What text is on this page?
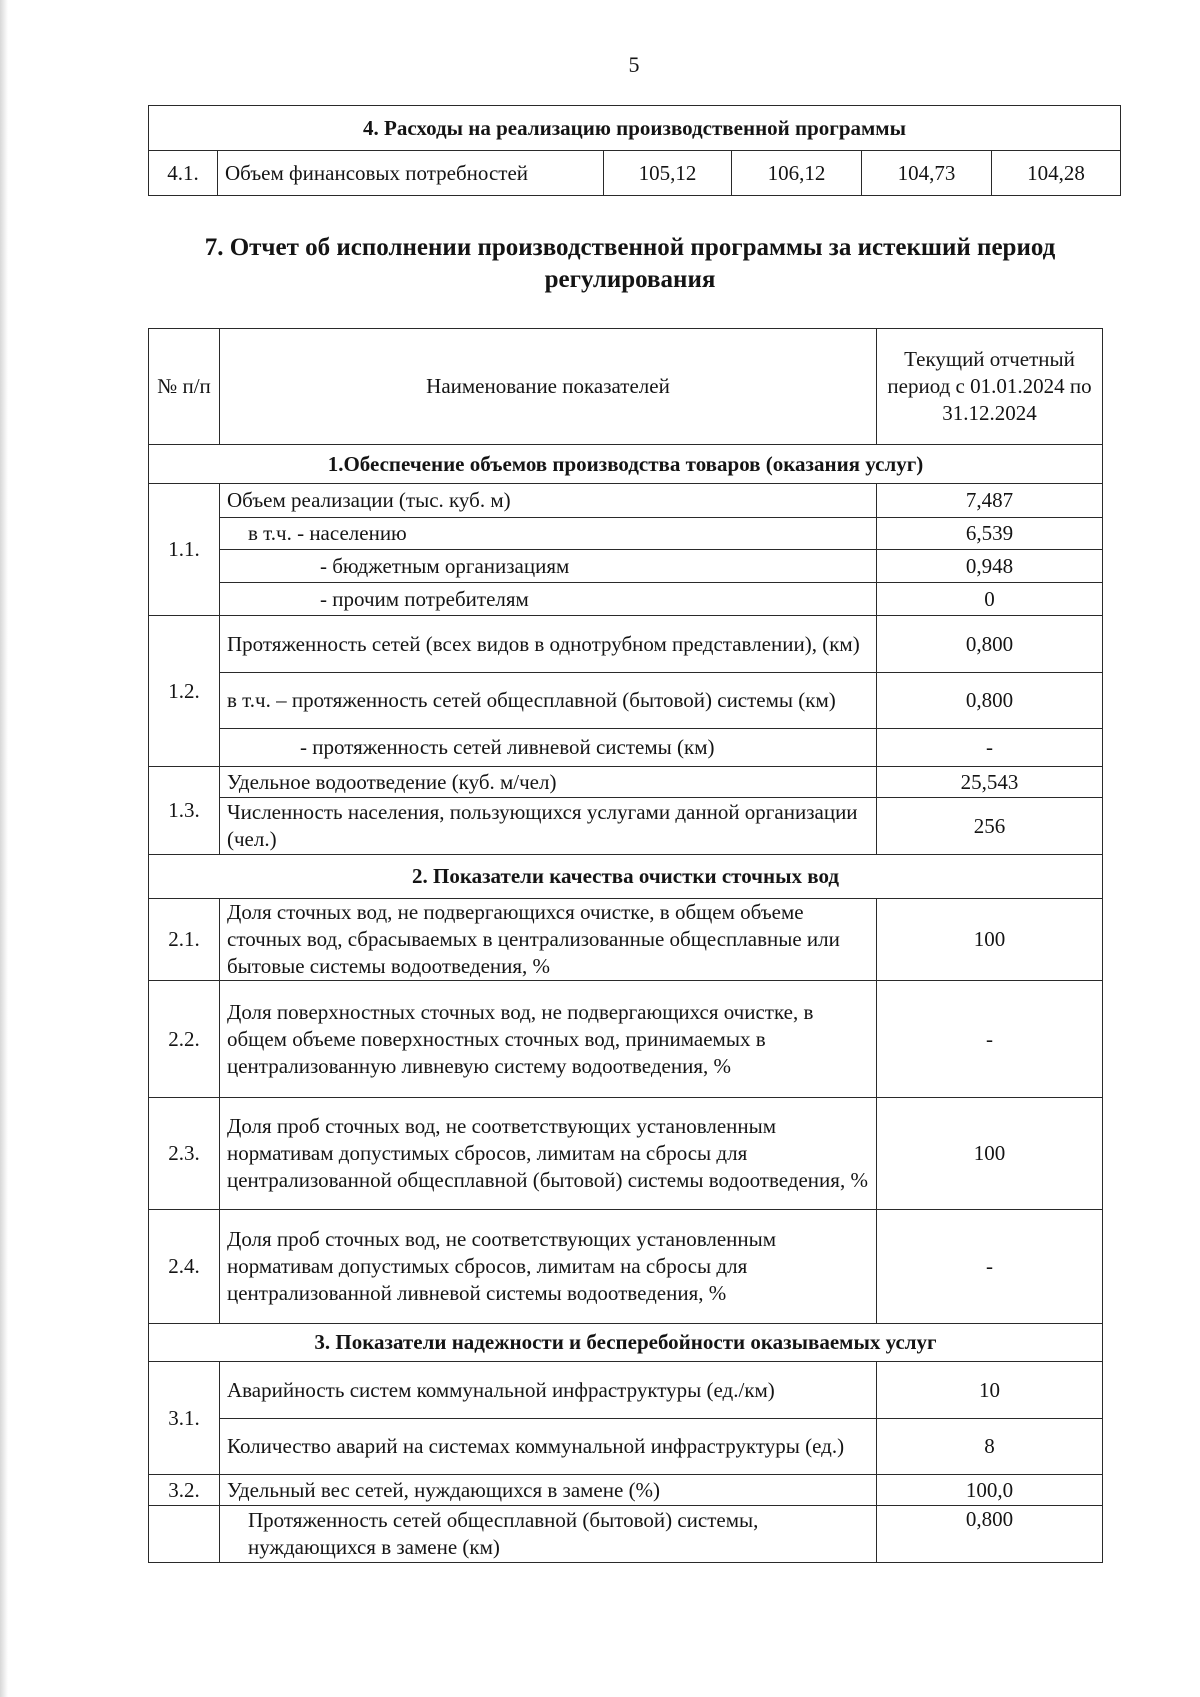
5
4. Расходы на реализацию производственной программы
4.1.	Объем финансовых потребностей	105,12	106,12	104,73	104,28
7. Отчет об исполнении производственной программы за истекший период регулирования
№ п/п	Наименование показателей	Текущий отчетный период с 01.01.2024 по 31.12.2024
1.Обеспечение объемов производства товаров (оказания услуг)		
1.1.	Объем реализации (тыс. куб. м)	7,487
	в т.ч. - населению	6,539
	- бюджетным организациям	0,948
	- прочим потребителям	0
1.2.	Протяженность сетей (всех видов в однотрубном представлении), (км)	0,800
	в т.ч. – протяженность сетей общесплавной (бытовой) системы (км)	0,800
	- протяженность сетей ливневой системы (км)	-
1.3.	Удельное водоотведение (куб. м/чел)	25,543
	Численность населения, пользующихся услугами данной организации (чел.)	256
2. Показатели качества очистки сточных вод		
2.1.	Доля сточных вод, не подвергающихся очистке, в общем объеме сточных вод, сбрасываемых в централизованные общесплавные или бытовые системы водоотведения, %	100
2.2.	Доля поверхностных сточных вод, не подвергающихся очистке, в общем объеме поверхностных сточных вод, принимаемых в централизованную ливневую систему водоотведения, %	-
2.3.	Доля проб сточных вод, не соответствующих установленным нормативам допустимых сбросов, лимитам на сбросы для централизованной общесплавной (бытовой) системы водоотведения, %	100
2.4.	Доля проб сточных вод, не соответствующих установленным нормативам допустимых сбросов, лимитам на сбросы для централизованной ливневой системы водоотведения, %	-
3. Показатели надежности и бесперебойности оказываемых услуг		
3.1.	Аварийность систем коммунальной инфраструктуры (ед./км)	10
	Количество аварий на системах коммунальной инфраструктуры (ед.)	8
3.2.	Удельный вес сетей, нуждающихся в замене (%)	100,0
	Протяженность сетей общесплавной (бытовой) системы, нуждающихся в замене (км)	0,800
